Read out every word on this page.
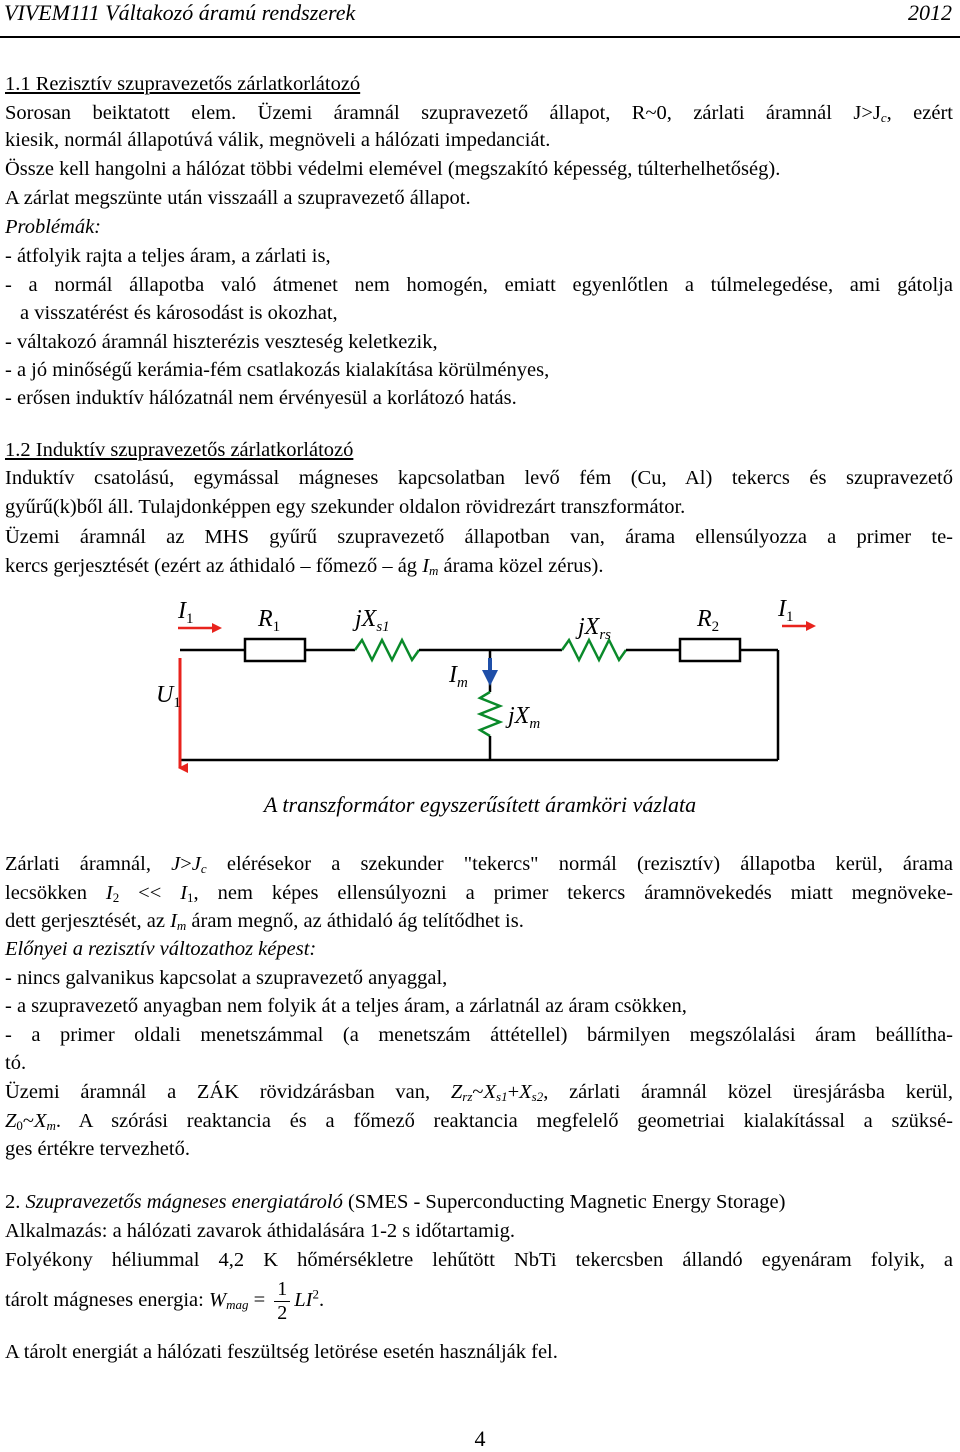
VIVEM111 Váltakozó áramú rendszerek	2012
1.1 Rezisztív szupravezetős zárlatkorlátozó
Sorosan beiktatott elem. Üzemi áramnál szupravezető állapot, R~0, zárlati áramnál $J>J_c$, ezért
kiesik, normál állapotúvá válik, megnöveli a hálózati impedanciát.
Össze kell hangolni a hálózat többi védelmi elemével (megszakító képesség, túlterhelhetőség).
A zárlat megszünte után visszaáll a szupravezető állapot.
Problémák:
- átfolyik rajta a teljes áram, a zárlati is,
- a normál állapotba való átmenet nem homogén, emiatt egyenlőtlen a túlmelegedése, ami gátolja
a visszatérést és károsodást is okozhat,
- váltakozó áramnál hiszterézis veszteség keletkezik,
- a jó minőségű kerámia-fém csatlakozás kialakítása körülményes,
- erősen induktív hálózatnál nem érvényesül a korlátozó hatás.
1.2 Induktív szupravezetős zárlatkorlátozó
Induktív csatolású, egymással mágneses kapcsolatban levő fém (Cu, Al) tekercs és szupravezető
gyűrű(k)ből áll. Tulajdonképpen egy szekunder oldalon rövidrezárt transzformátor.
Üzemi áramnál az MHS gyűrű szupravezető állapotban van, árama ellensúlyozza a primer te-
kercs gerjesztését (ezért az áthidaló – főmező – ág $I_m$ árama közel zérus).
$I_1$	$R_1$	$jX_{s1}$	$jX_{rs}$
$R_2$
$I_1$
$U_1$
$I_m$
$jX_m$
A transzformátor egyszerűsített áramköri vázlata
Zárlati áramnál, $J>J_c$ elérésekor a szekunder "tekercs" normál (rezisztív) állapotba kerül, árama
lecsökken $I_2 << I_1$, nem képes ellensúlyozni a primer tekercs áramnövekedés miatt megnöveke-
dett gerjesztését, az $I_m$ áram megnő, az áthidaló ág telítődhet is.
Előnyei a rezisztív változathoz képest:
- nincs galvanikus kapcsolat a szupravezető anyaggal,
- a szupravezető anyagban nem folyik át a teljes áram, a zárlatnál az áram csökken,
- a primer oldali menetszámmal (a menetszám áttétellel) bármilyen megszólalási áram beállítha-
tó.
Üzemi áramnál a ZÁK rövidzárásban van, $Z_{rz}\sim X_{s1}+X_{s2}$, zárlati áramnál közel üresjárásba kerül,
$Z_0\sim X_m$. A szórási reaktancia és a főmező reaktancia megfelelő geometriai kialakítással a szüksé-
ges értékre tervezhető.
2. Szupravezetős mágneses energiatároló (SMES - Superconducting Magnetic Energy Storage)
Alkalmazás: a hálózati zavarok áthidalására 1-2 s időtartamig.
Folyékony héliummal 4,2 K hőmérsékletre lehűtött NbTi tekercsben állandó egyenáram folyik, a
tárolt mágneses energia: $W_{mag} = \frac{1}{2} LI^2$.
A tárolt energiát a hálózati feszültség letörése esetén használják fel.
4
